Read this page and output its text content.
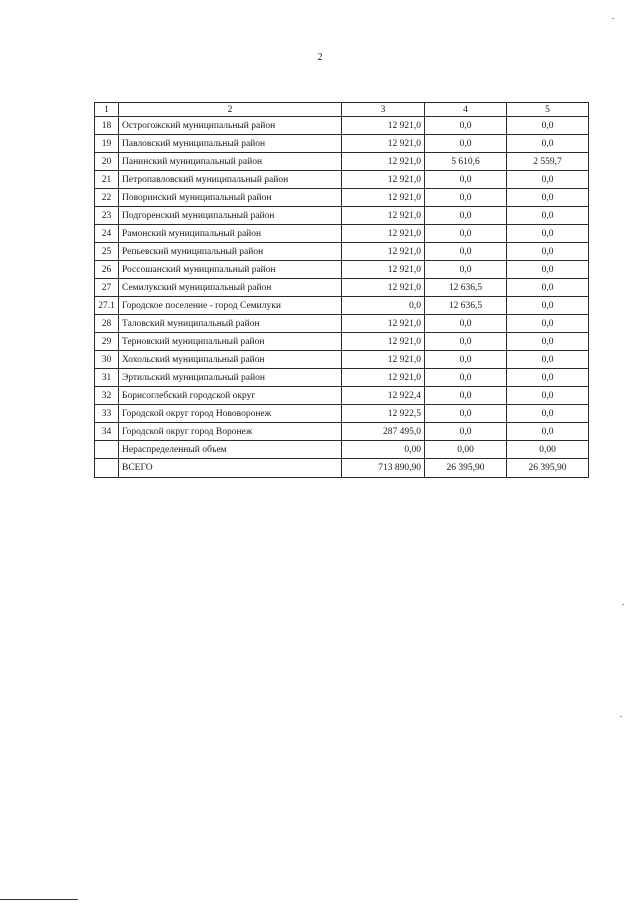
2
1	2	3	4	5
18	Острогожский муниципальный район	12 921,0	0,0	0,0
19	Павловский муниципальный район	12 921,0	0,0	0,0
20	Панинский муниципальный район	12 921,0	5 610,6	2 559,7
21	Петропавловский муниципальный район	12 921,0	0,0	0,0
22	Поворинский муниципальный район	12 921,0	0,0	0,0
23	Подгоренский муниципальный район	12 921,0	0,0	0,0
24	Рамонский муниципальный район	12 921,0	0,0	0,0
25	Репьевский муниципальный район	12 921,0	0,0	0,0
26	Россошанский муниципальный район	12 921,0	0,0	0,0
27	Семилукский муниципальный район	12 921,0	12 636,5	0,0
27.1	Городское поселение - город Семилуки	0,0	12 636,5	0,0
28	Таловский муниципальный район	12 921,0	0,0	0,0
29	Терновский муниципальный район	12 921,0	0,0	0,0
30	Хохольский муниципальный район	12 921,0	0,0	0,0
31	Эртильский муниципальный район	12 921,0	0,0	0,0
32	Борисоглебский городской округ	12 922,4	0,0	0,0
33	Городской округ город Нововоронеж	12 922,5	0,0	0,0
34	Городской округ город Воронеж	287 495,0	0,0	0,0
	Нераспределенный объем	0,00	0,00	0,00
	ВСЕГО	713 890,90	26 395,90	26 395,90
